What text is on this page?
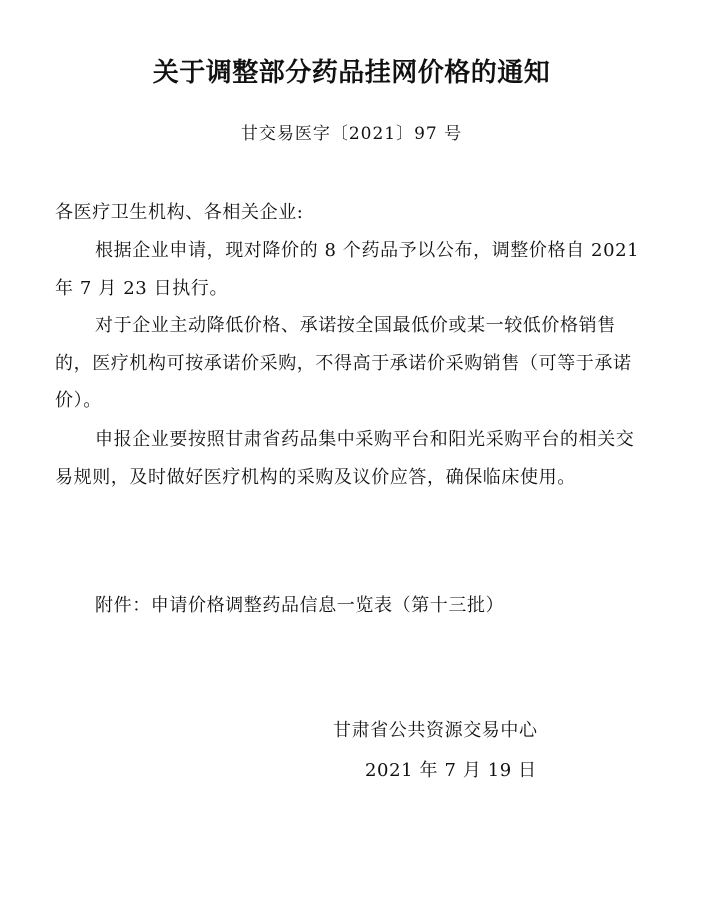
关于调整部分药品挂网价格的通知
甘交易医字〔2021〕97 号
各医疗卫生机构、各相关企业:

根据企业申请，现对降价的 8 个药品予以公布，调整价格自 2021 年 7 月 23 日执行。

对于企业主动降低价格、承诺按全国最低价或某一较低价格销售的，医疗机构可按承诺价采购，不得高于承诺价采购销售（可等于承诺价）。

申报企业要按照甘肃省药品集中采购平台和阳光采购平台的相关交易规则，及时做好医疗机构的采购及议价应答，确保临床使用。

附件：申请价格调整药品信息一览表（第十三批）
甘肃省公共资源交易中心
2021 年 7 月 19 日
